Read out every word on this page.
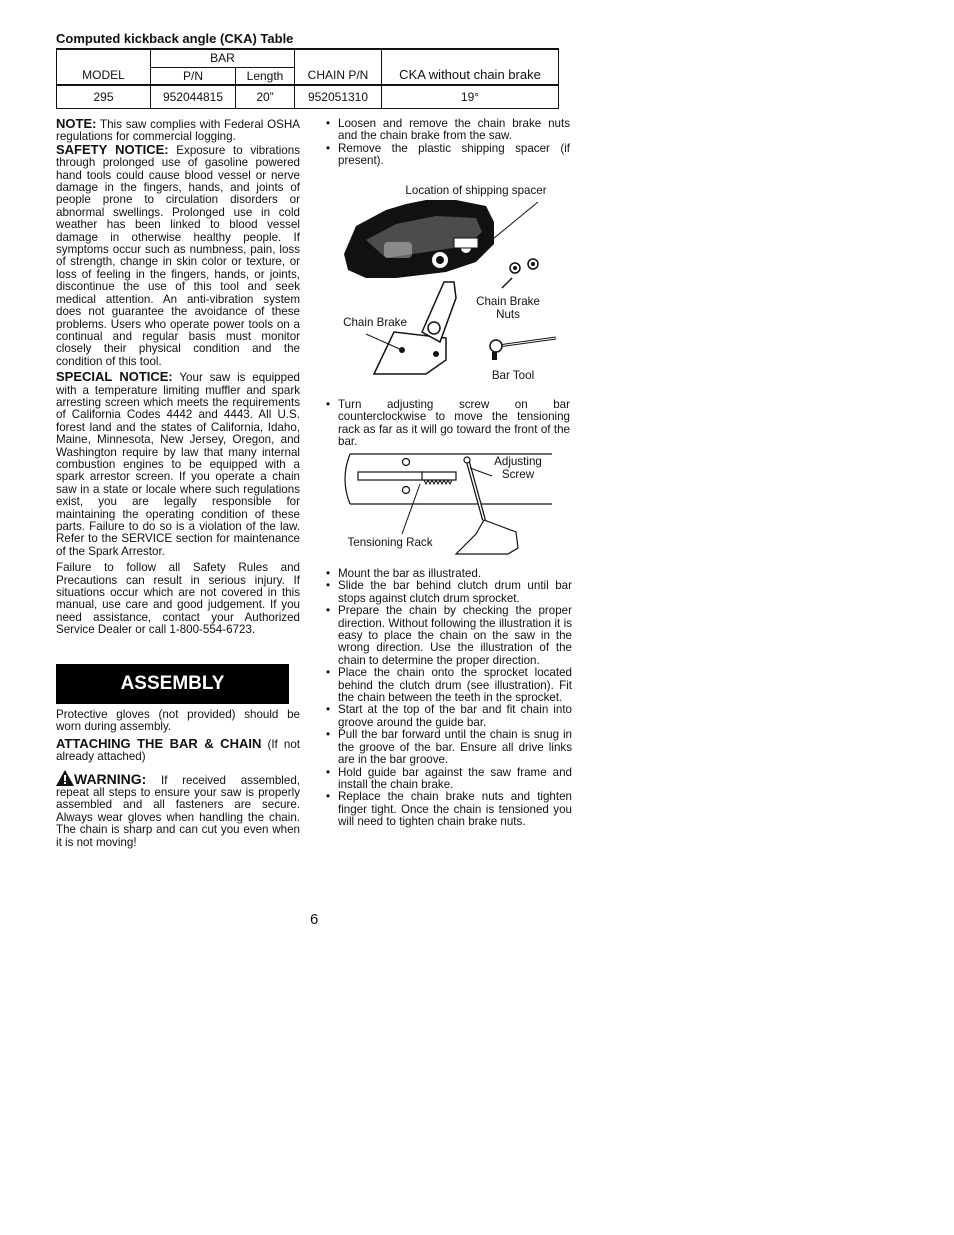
Computed kickback angle (CKA) Table
MODEL	BAR		CHAIN P/N	CKA without chain brake
	P/N	Length		
295	952044815	20”	952051310	19°

NOTE: This saw complies with Federal OSHA regulations for commercial logging.

SAFETY NOTICE: Exposure to vibrations through prolonged use of gasoline powered hand tools could cause blood vessel or nerve damage in the fingers, hands, and joints of people prone to circulation disorders or abnormal swellings. Prolonged use in cold weather has been linked to blood vessel damage in otherwise healthy people. If symptoms occur such as numbness, pain, loss of strength, change in skin color or texture, or loss of feeling in the fingers, hands, or joints, discontinue the use of this tool and seek medical attention. An anti-vibration system does not guarantee the avoidance of these problems. Users who operate power tools on a continual and regular basis must monitor closely their physical condition and the condition of this tool.

SPECIAL NOTICE: Your saw is equipped with a temperature limiting muffler and spark arresting screen which meets the requirements of California Codes 4442 and 4443. All U.S. forest land and the states of California, Idaho, Maine, Minnesota, New Jersey, Oregon, and Washington require by law that many internal combustion engines to be equipped with a spark arrestor screen. If you operate a chain saw in a state or locale where such regulations exist, you are legally responsible for maintaining the operating condition of these parts. Failure to do so is a violation of the law. Refer to the SERVICE section for maintenance of the Spark Arrestor.

Failure to follow all Safety Rules and Precautions can result in serious injury. If situations occur which are not covered in this manual, use care and good judgement. If you need assistance, contact your Authorized Service Dealer or call 1-800-554-6723.

ASSEMBLY

Protective gloves (not provided) should be worn during assembly.

ATTACHING THE BAR & CHAIN (If not already attached)

WARNING: If received assembled, repeat all steps to ensure your saw is properly assembled and all fasteners are secure. Always wear gloves when handling the chain. The chain is sharp and can cut you even when it is not moving!

• Loosen and remove the chain brake nuts and the chain brake from the saw.
• Remove the plastic shipping spacer (if present).
Location of shipping spacer
Chain Brake Nuts
Chain Brake
Bar Tool
• Turn adjusting screw on bar counterclockwise to move the tensioning rack as far as it will go toward the front of the bar.
Adjusting Screw
Tensioning Rack
• Mount the bar as illustrated.
• Slide the bar behind clutch drum until bar stops against clutch drum sprocket.
• Prepare the chain by checking the proper direction. Without following the illustration it is easy to place the chain on the saw in the wrong direction. Use the illustration of the chain to determine the proper direction.
• Place the chain onto the sprocket located behind the clutch drum (see illustration). Fit the chain between the teeth in the sprocket.
• Start at the top of the bar and fit chain into groove around the guide bar.
• Pull the bar forward until the chain is snug in the groove of the bar. Ensure all drive links are in the bar groove.
• Hold guide bar against the saw frame and install the chain brake.
• Replace the chain brake nuts and tighten finger tight. Once the chain is tensioned you will need to tighten chain brake nuts.
6
